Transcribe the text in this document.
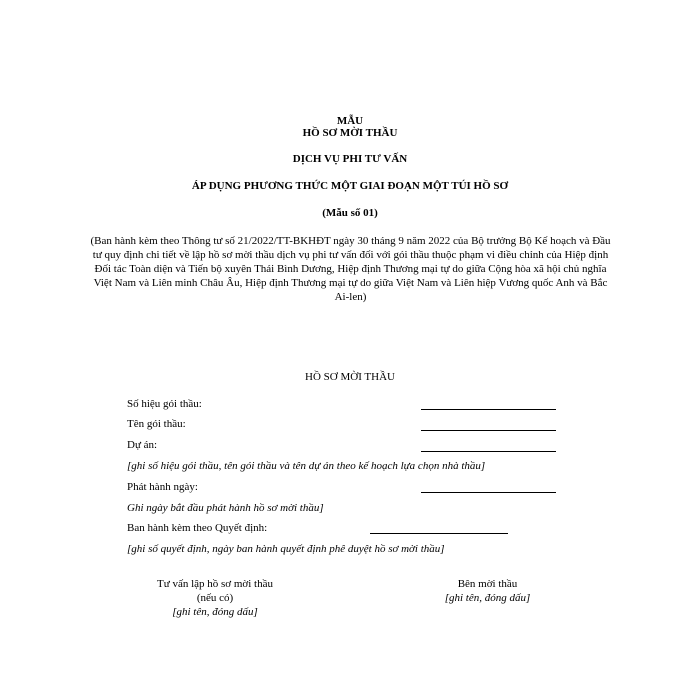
MẪU
HỒ SƠ MỜI THẦU
DỊCH VỤ PHI TƯ VẤN
ÁP DỤNG PHƯƠNG THỨC MỘT GIAI ĐOẠN MỘT TÚI HỒ SƠ
(Mẫu số 01)
(Ban hành kèm theo Thông tư số 21/2022/TT-BKHĐT ngày 30 tháng 9 năm 2022 của Bộ trưởng Bộ Kế hoạch và Đầu tư quy định chi tiết về lập hồ sơ mời thầu dịch vụ phi tư vấn đối với gói thầu thuộc phạm vi điều chỉnh của Hiệp định Đối tác Toàn diện và Tiến bộ xuyên Thái Bình Dương, Hiệp định Thương mại tự do giữa Cộng hòa xã hội chủ nghĩa Việt Nam và Liên minh Châu Âu, Hiệp định Thương mại tự do giữa Việt Nam và Liên hiệp Vương quốc Anh và Bắc Ai-len)
HỒ SƠ MỜI THẦU
Số hiệu gói thầu:
Tên gói thầu:
Dự án:
[ghi số hiệu gói thầu, tên gói thầu và tên dự án theo kế hoạch lựa chọn nhà thầu]
Phát hành ngày:
Ghi ngày bắt đầu phát hành hồ sơ mời thầu]
Ban hành kèm theo Quyết định:
[ghi số quyết định, ngày ban hành quyết định phê duyệt hồ sơ mời thầu]
Tư vấn lập hồ sơ mời thầu
(nếu có)
[ghi tên, đóng dấu]
Bên mời thầu
[ghi tên, đóng dấu]
